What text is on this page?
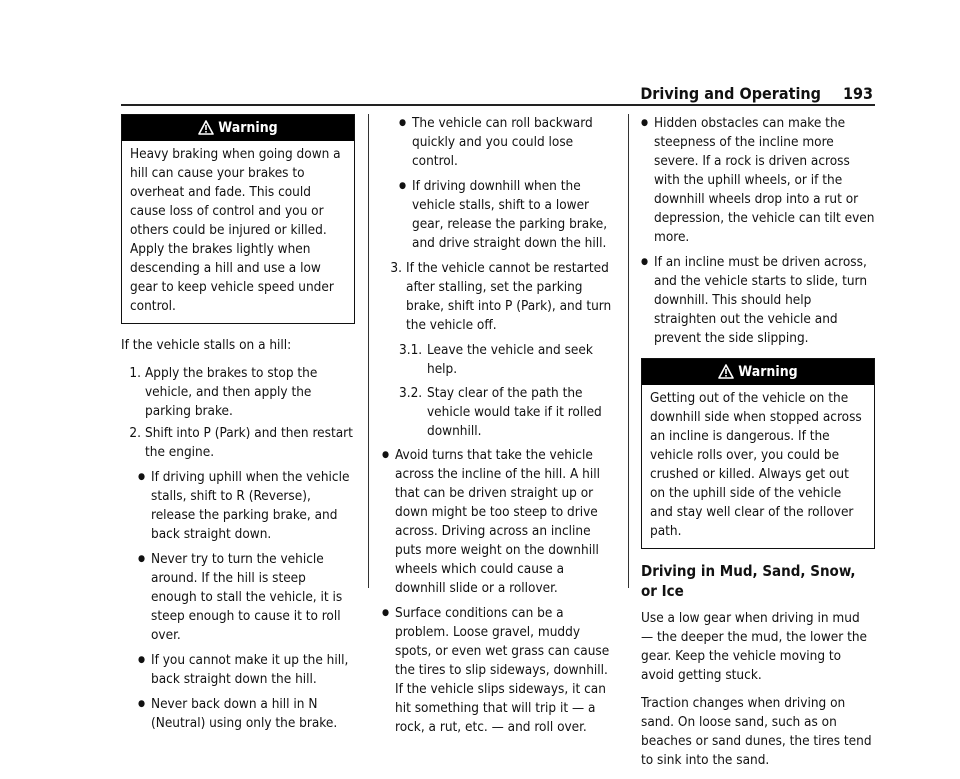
Driving and Operating 193
Warning
Heavy braking when going down a hill can cause your brakes to overheat and fade. This could cause loss of control and you or others could be injured or killed. Apply the brakes lightly when descending a hill and use a low gear to keep vehicle speed under control.

If the vehicle stalls on a hill:

1. Apply the brakes to stop the vehicle, and then apply the parking brake.
2. Shift into P (Park) and then restart the engine.
● If driving uphill when the vehicle stalls, shift to R (Reverse), release the parking brake, and back straight down.
● Never try to turn the vehicle around. If the hill is steep enough to stall the vehicle, it is steep enough to cause it to roll over.
● If you cannot make it up the hill, back straight down the hill.
● Never back down a hill in N (Neutral) using only the brake.
● The vehicle can roll backward quickly and you could lose control.
● If driving downhill when the vehicle stalls, shift to a lower gear, release the parking brake, and drive straight down the hill.
3. If the vehicle cannot be restarted after stalling, set the parking brake, shift into P (Park), and turn the vehicle off.
3.1. Leave the vehicle and seek help.
3.2. Stay clear of the path the vehicle would take if it rolled downhill.
● Avoid turns that take the vehicle across the incline of the hill. A hill that can be driven straight up or down might be too steep to drive across. Driving across an incline puts more weight on the downhill wheels which could cause a downhill slide or a rollover.
● Surface conditions can be a problem. Loose gravel, muddy spots, or even wet grass can cause the tires to slip sideways, downhill. If the vehicle slips sideways, it can hit something that will trip it — a rock, a rut, etc. — and roll over.
● Hidden obstacles can make the steepness of the incline more severe. If a rock is driven across with the uphill wheels, or if the downhill wheels drop into a rut or depression, the vehicle can tilt even more.
● If an incline must be driven across, and the vehicle starts to slide, turn downhill. This should help straighten out the vehicle and prevent the side slipping.
Warning
Getting out of the vehicle on the downhill side when stopped across an incline is dangerous. If the vehicle rolls over, you could be crushed or killed. Always get out on the uphill side of the vehicle and stay well clear of the rollover path.
Driving in Mud, Sand, Snow, or Ice

Use a low gear when driving in mud — the deeper the mud, the lower the gear. Keep the vehicle moving to avoid getting stuck.

Traction changes when driving on sand. On loose sand, such as on beaches or sand dunes, the tires tend to sink into the sand.
